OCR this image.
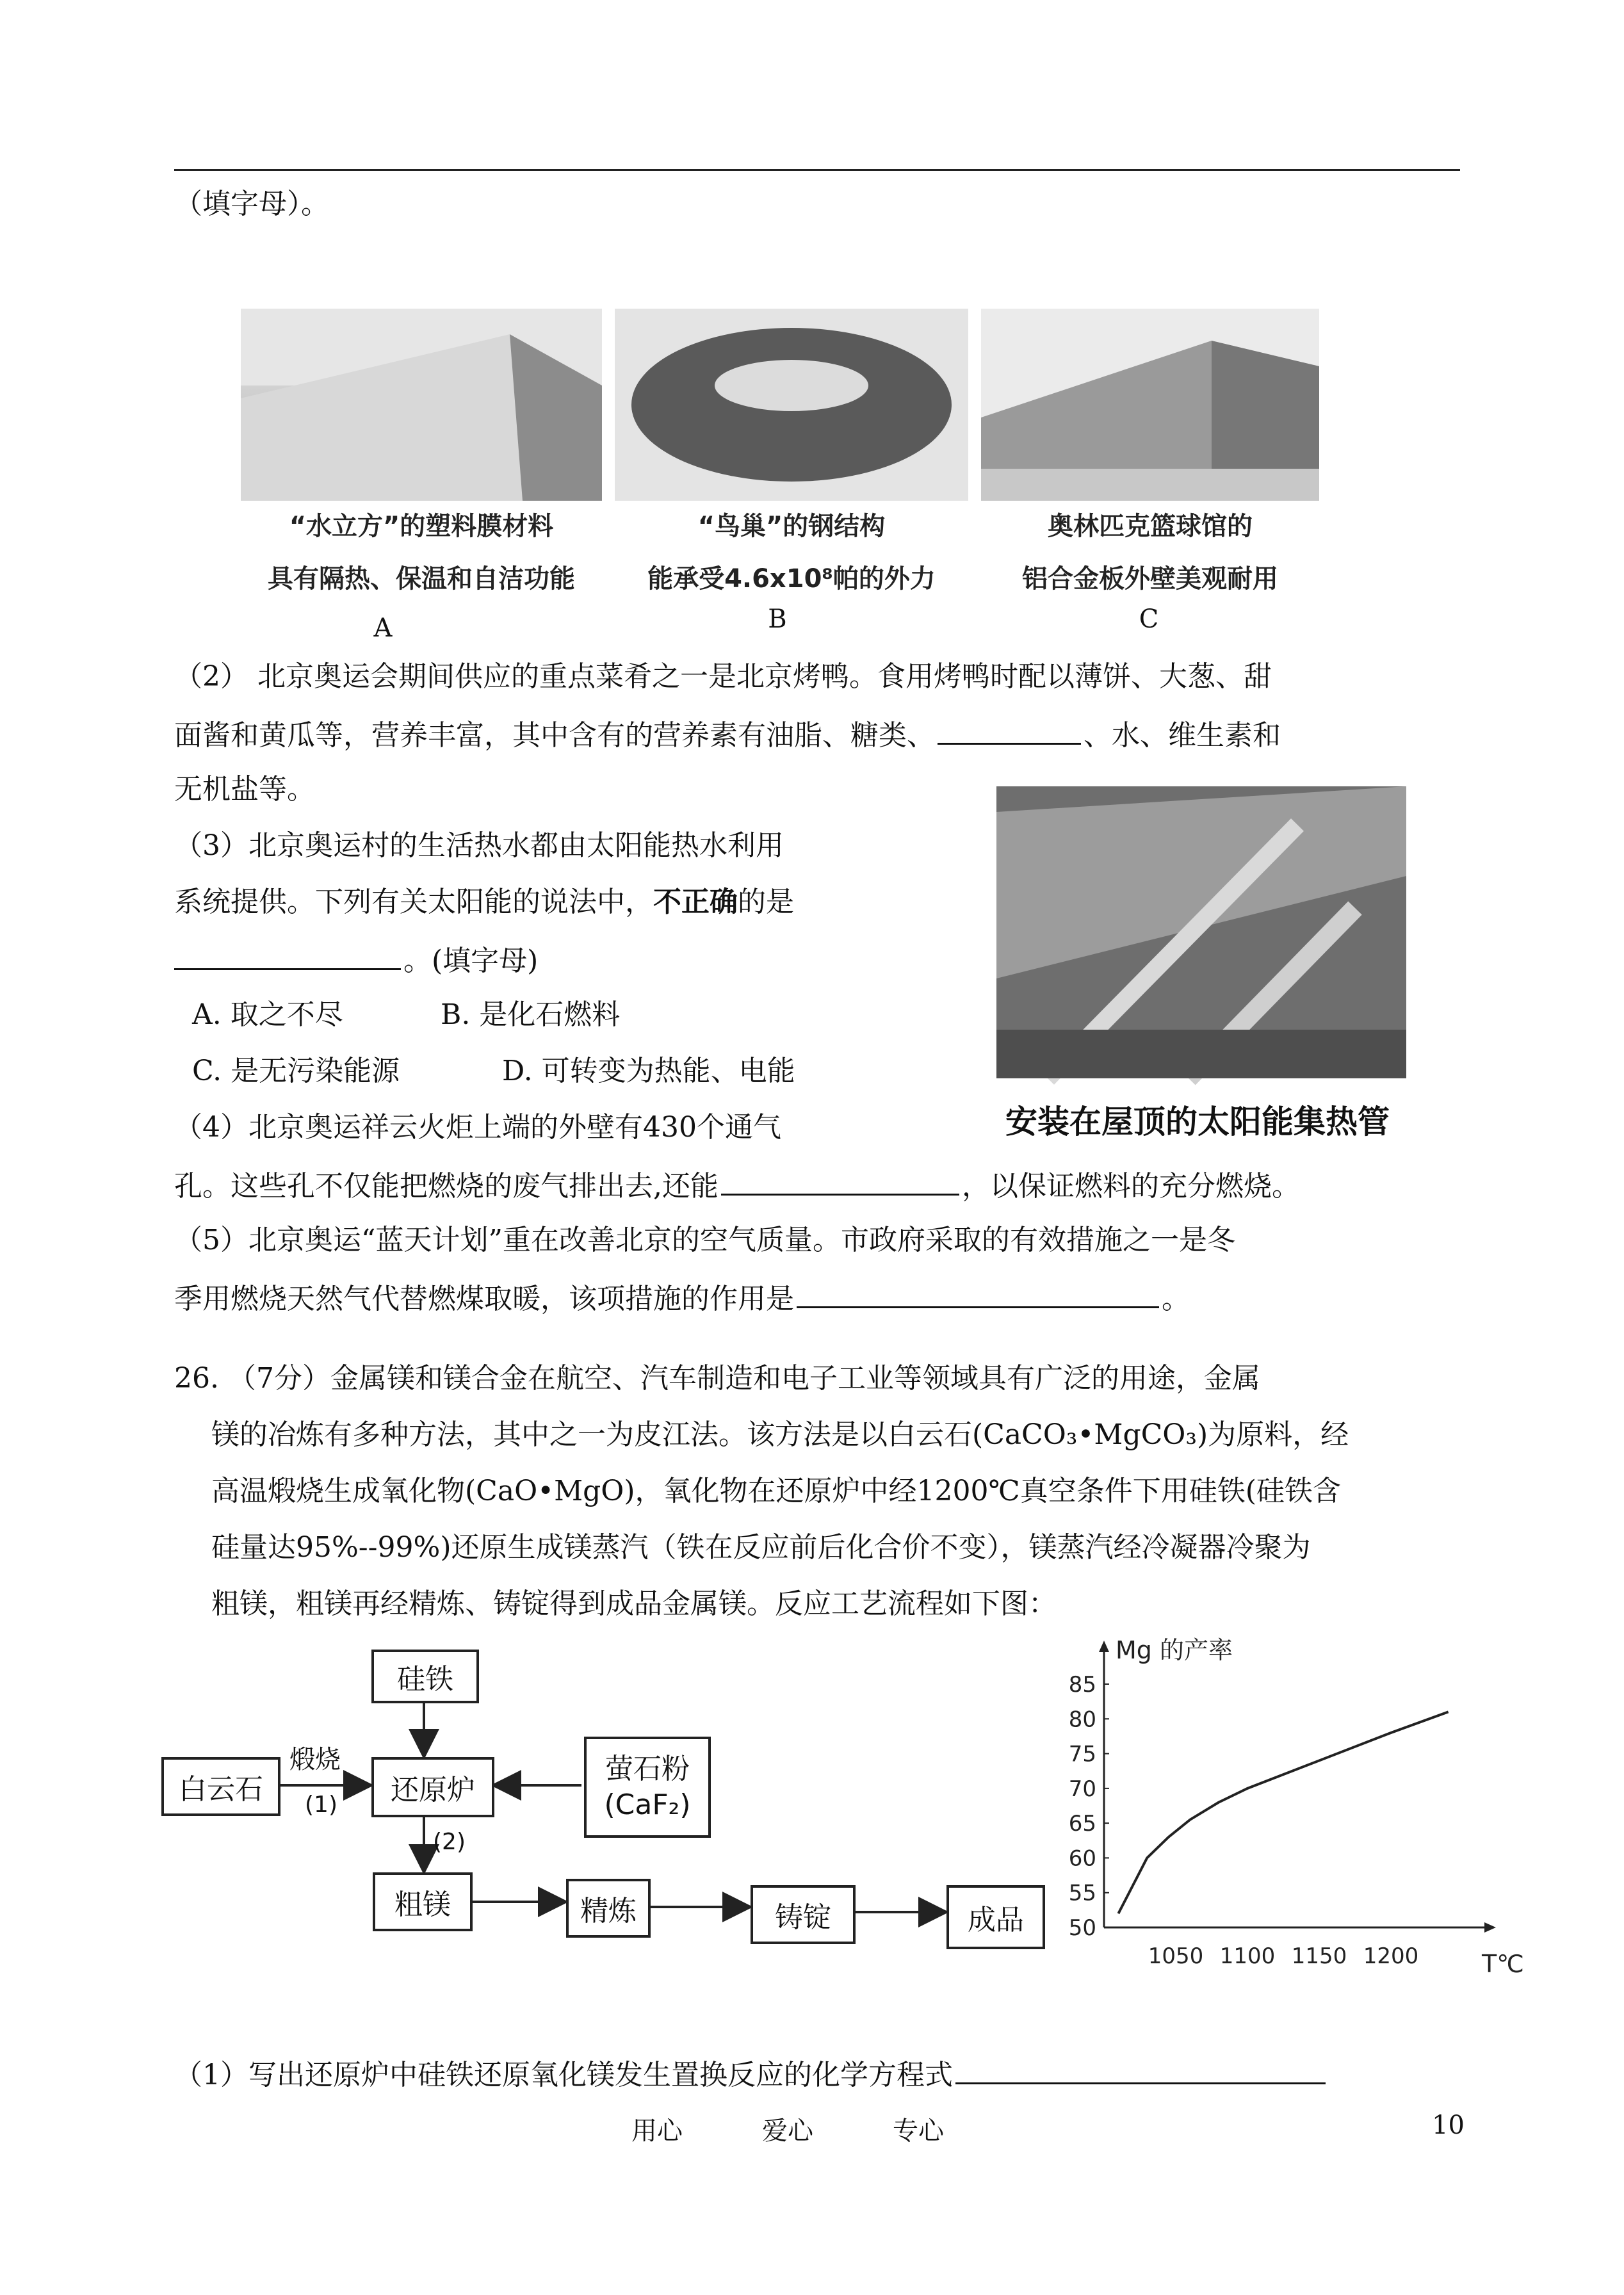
（填字母）。
“水立方”的塑料膜材料
具有隔热、保温和自洁功能
“鸟巢”的钢结构
能承受4.6x10⁸帕的外力
奥林匹克篮球馆的
铝合金板外壁美观耐用
A	B	C
（2） 北京奥运会期间供应的重点菜肴之一是北京烤鸭。食用烤鸭时配以薄饼、大葱、甜
面酱和黄瓜等，营养丰富，其中含有的营养素有油脂、糖类、	、水、维生素和
无机盐等。
（3）北京奥运村的生活热水都由太阳能热水利用
系统提供。下列有关太阳能的说法中，不正确的是
。(填字母)
A. 取之不尽	B. 是化石燃料
C. 是无污染能源	D. 可转变为热能、电能
安装在屋顶的太阳能集热管
（4）北京奥运祥云火炬上端的外壁有430个通气
孔。这些孔不仅能把燃烧的废气排出去,还能	，以保证燃料的充分燃烧。
（5）北京奥运“蓝天计划”重在改善北京的空气质量。市政府采取的有效措施之一是冬
季用燃烧天然气代替燃煤取暖，该项措施的作用是	。
26. （7分）金属镁和镁合金在航空、汽车制造和电子工业等领域具有广泛的用途，金属
镁的冶炼有多种方法，其中之一为皮江法。该方法是以白云石(CaCO₃•MgCO₃)为原料，经
高温煅烧生成氧化物(CaO•MgO)，氧化物在还原炉中经1200℃真空条件下用硅铁(硅铁含
硅量达95%--99%)还原生成镁蒸汽（铁在反应前后化合价不变），镁蒸汽经冷凝器冷聚为
粗镁，粗镁再经精炼、铸锭得到成品金属镁。反应工艺流程如下图：
白云石
煅烧
(1)
硅铁
还原炉
萤石粉
(CaF₂)
(2)
粗镁	精炼	铸锭	成品
Mg 的产率
T℃
50
55
60
65
70
75
80
85
1050 1100 1150 1200
（1）写出还原炉中硅铁还原氧化镁发生置换反应的化学方程式
用心	爱心	专心	10
